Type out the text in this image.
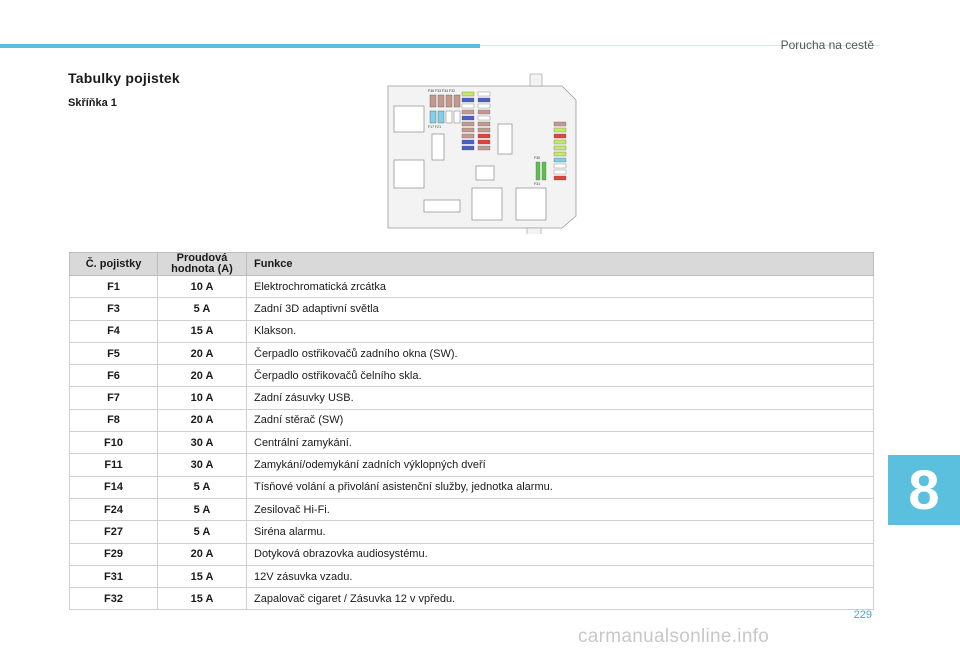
Porucha na cestě
Tabulky pojistek
Skříňka 1
F36 F33 F34 F32
F17 F21
F30
F31
Č. pojistky	Proudová hodnota (A)	Funkce
F1	10 A	Elektrochromatická zrcátka
F3	5 A	Zadní 3D adaptivní světla
F4	15 A	Klakson.
F5	20 A	Čerpadlo ostřikovačů zadního okna (SW).
F6	20 A	Čerpadlo ostřikovačů čelního skla.
F7	10 A	Zadní zásuvky USB.
F8	20 A	Zadní stěrač (SW)
F10	30 A	Centrální zamykání.
F11	30 A	Zamykání/odemykání zadních výklopných dveří
F14	5 A	Tísňové volání a přivolání asistenční služby, jednotka alarmu.
F24	5 A	Zesilovač Hi-Fi.
F27	5 A	Siréna alarmu.
F29	20 A	Dotyková obrazovka audiosystému.
F31	15 A	12V zásuvka vzadu.
F32	15 A	Zapalovač cigaret / Zásuvka 12 v vpředu.
8
229
carmanualsonline.info
